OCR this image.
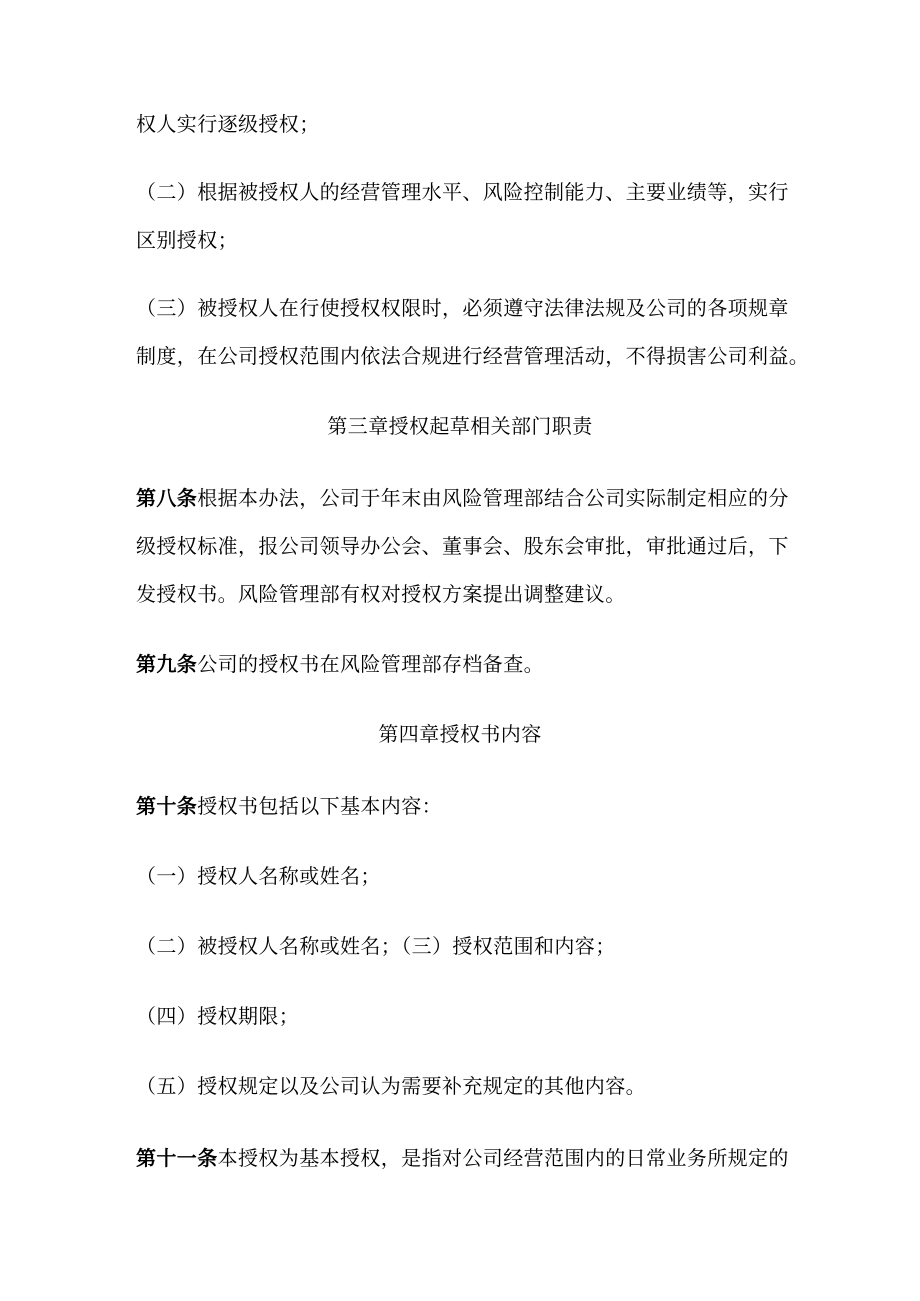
权人实行逐级授权；
（二）根据被授权人的经营管理水平、风险控制能力、主要业绩等，实行
区别授权；
（三）被授权人在行使授权权限时，必须遵守法律法规及公司的各项规章
制度，在公司授权范围内依法合规进行经营管理活动，不得损害公司利益。
第三章授权起草相关部门职责
第八条根据本办法，公司于年末由风险管理部结合公司实际制定相应的分
级授权标准，报公司领导办公会、董事会、股东会审批，审批通过后，下
发授权书。风险管理部有权对授权方案提出调整建议。
第九条公司的授权书在风险管理部存档备查。
第四章授权书内容
第十条授权书包括以下基本内容：
（一）授权人名称或姓名；
（二）被授权人名称或姓名；（三）授权范围和内容；
（四）授权期限；
（五）授权规定以及公司认为需要补充规定的其他内容。
第十一条本授权为基本授权，是指对公司经营范围内的日常业务所规定的
